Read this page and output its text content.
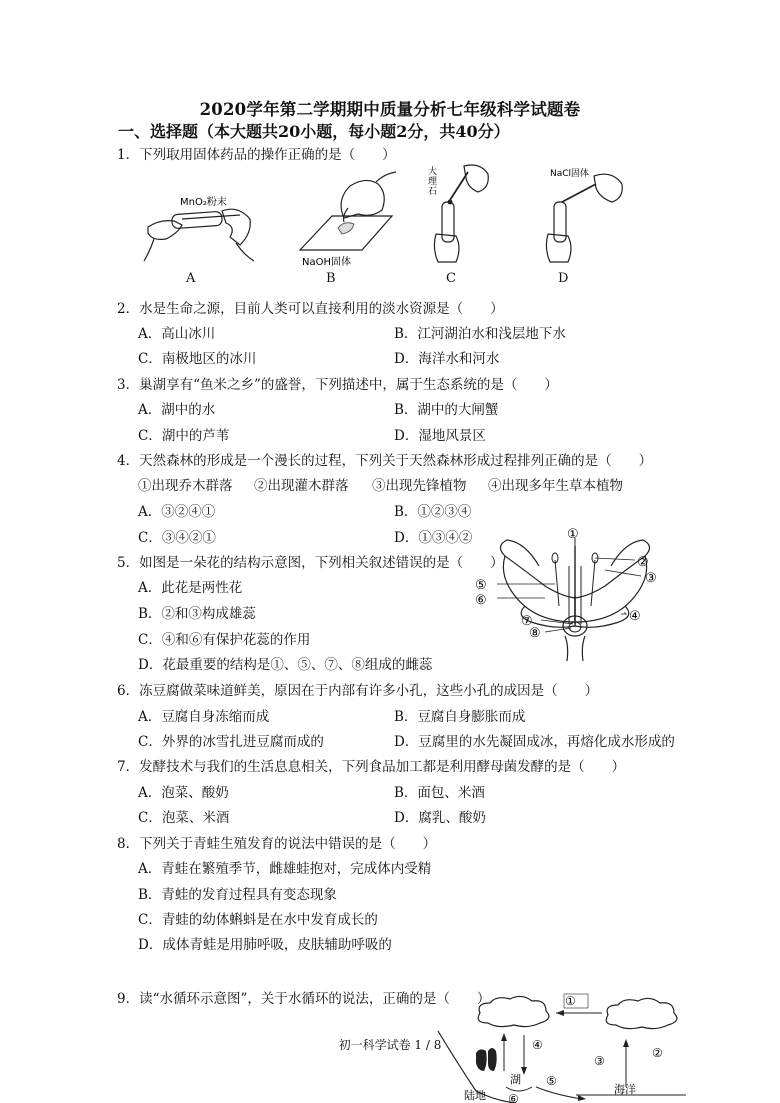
2020学年第二学期期中质量分析七年级科学试题卷
一、选择题（本大题共20小题，每小题2分，共40分）
1．下列取用固体药品的操作正确的是（　　）
MnO₂粉末
NaOH固体
大
理
石
NaCl固体
A	B	C	D
2．水是生命之源，目前人类可以直接利用的淡水资源是（　　）
A．高山冰川	B．江河湖泊水和浅层地下水
C．南极地区的冰川	D．海洋水和河水
3．巢湖享有“鱼米之乡”的盛誉，下列描述中，属于生态系统的是（　　）
A．湖中的水	B．湖中的大闸蟹
C．湖中的芦苇	D．湿地风景区
4．天然森林的形成是一个漫长的过程，下列关于天然森林形成过程排列正确的是（　　）
①出现乔木群落 ②出现灌木群落 ③出现先锋植物 ④出现多年生草本植物
A．③②④①	B．①②③④
C．③④②①	D．①③④②
5．如图是一朵花的结构示意图，下列相关叙述错误的是（　　）
A．此花是两性花
B．②和③构成雄蕊
C．④和⑥有保护花蕊的作用
D．花最重要的结构是①、⑤、⑦、⑧组成的雌蕊
①
②
③
④
⑤
⑥
⑦
⑧
6．冻豆腐做菜味道鲜美，原因在于内部有许多小孔，这些小孔的成因是（　　）
A．豆腐自身冻缩而成	B．豆腐自身膨胀而成
C．外界的冰雪扎进豆腐而成的	D．豆腐里的水先凝固成冰，再熔化成水形成的
7．发酵技术与我们的生活息息相关，下列食品加工都是利用酵母菌发酵的是（　　）
A．泡菜、酸奶	B．面包、米酒
C．泡菜、米酒	D．腐乳、酸奶
8．下列关于青蛙生殖发育的说法中错误的是（　　）
A．青蛙在繁殖季节，雌雄蛙抱对，完成体内受精
B．青蛙的发育过程具有变态现象
C．青蛙的幼体蝌蚪是在水中发育成长的
D．成体青蛙是用肺呼吸，皮肤辅助呼吸的
9．读“水循环示意图”，关于水循环的说法，正确的是（　　）	①
②
③
④
⑤
⑥
陆地
湖
海洋
初一科学试卷 1 / 8
